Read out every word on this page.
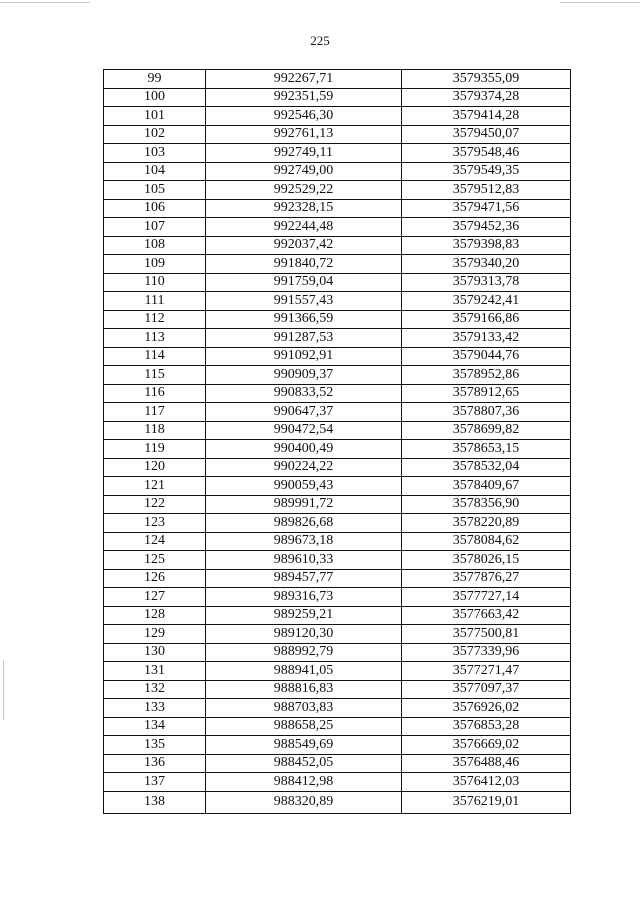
225
99	992267,71	3579355,09
100	992351,59	3579374,28
101	992546,30	3579414,28
102	992761,13	3579450,07
103	992749,11	3579548,46
104	992749,00	3579549,35
105	992529,22	3579512,83
106	992328,15	3579471,56
107	992244,48	3579452,36
108	992037,42	3579398,83
109	991840,72	3579340,20
110	991759,04	3579313,78
111	991557,43	3579242,41
112	991366,59	3579166,86
113	991287,53	3579133,42
114	991092,91	3579044,76
115	990909,37	3578952,86
116	990833,52	3578912,65
117	990647,37	3578807,36
118	990472,54	3578699,82
119	990400,49	3578653,15
120	990224,22	3578532,04
121	990059,43	3578409,67
122	989991,72	3578356,90
123	989826,68	3578220,89
124	989673,18	3578084,62
125	989610,33	3578026,15
126	989457,77	3577876,27
127	989316,73	3577727,14
128	989259,21	3577663,42
129	989120,30	3577500,81
130	988992,79	3577339,96
131	988941,05	3577271,47
132	988816,83	3577097,37
133	988703,83	3576926,02
134	988658,25	3576853,28
135	988549,69	3576669,02
136	988452,05	3576488,46
137	988412,98	3576412,03
138	988320,89	3576219,01
